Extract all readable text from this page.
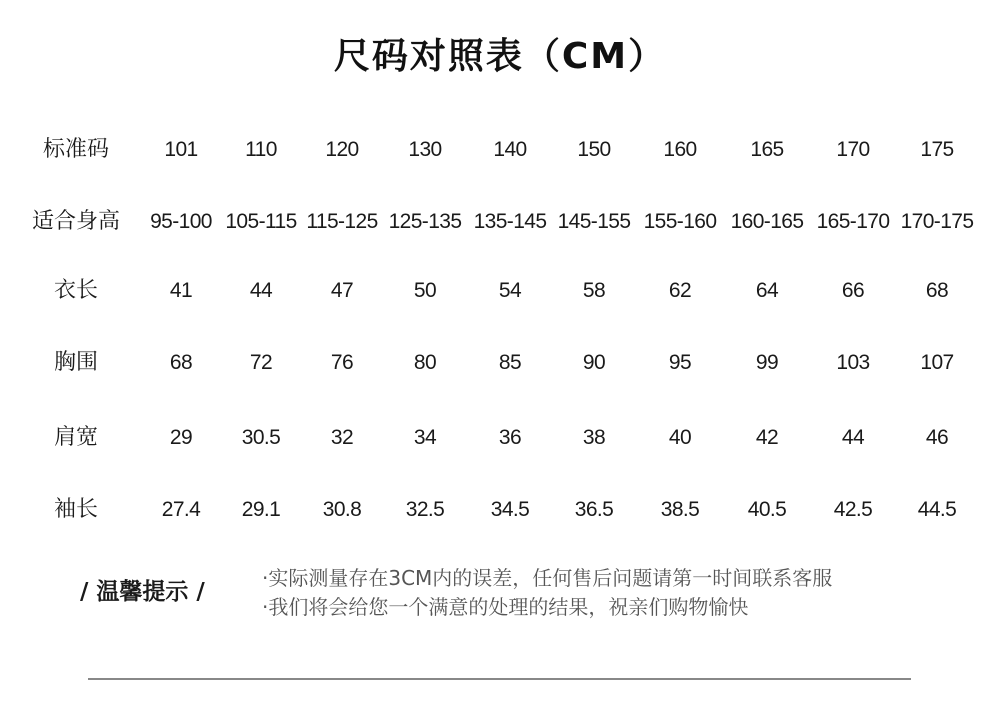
尺码对照表（CM）
标准码	101	110	120	130	140	150	160	165	170	175
适合身高	95-100 105-115 115-125 125-135 135-145 145-155 155-160 160-165 165-170 170-175
衣长	41	44	47	50	54	58	62	64	66	68
胸围	68	72	76	80	85	90	95	99	103	107
肩宽	29	30.5	32	34	36	38	40	42	44	46
袖长	27.4	29.1	30.8	32.5	34.5	36.5	38.5	40.5	42.5	44.5
/ 温馨提示 /
·实际测量存在3CM内的误差，任何售后问题请第一时间联系客服
·我们将会给您一个满意的处理的结果，祝亲们购物愉快
